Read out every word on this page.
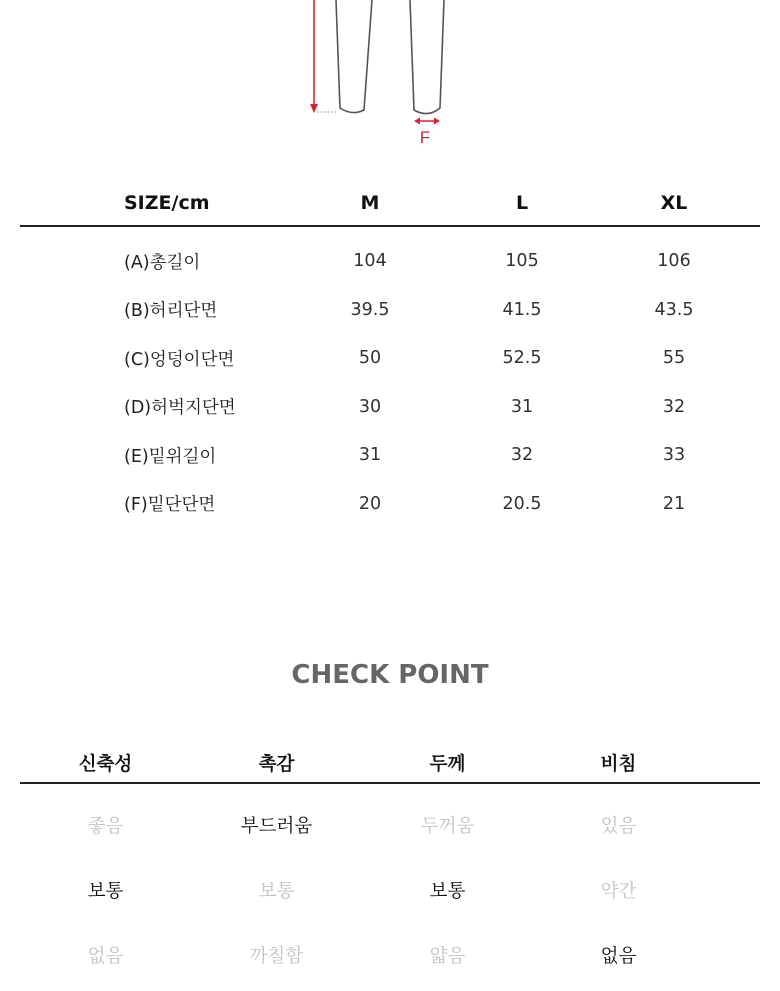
F
SIZE/cm	M	L	XL
(A)총길이	104	105	106
(B)허리단면	39.5	41.5	43.5
(C)엉덩이단면	50	52.5	55
(D)허벅지단면	30	31	32
(E)밑위길이	31	32	33
(F)밑단단면	20	20.5	21
CHECK POINT
신축성	촉감	두께	비침
좋음	부드러움	두꺼움	있음
보통	보통	보통	약간
없음	까칠함	얇음	없음
